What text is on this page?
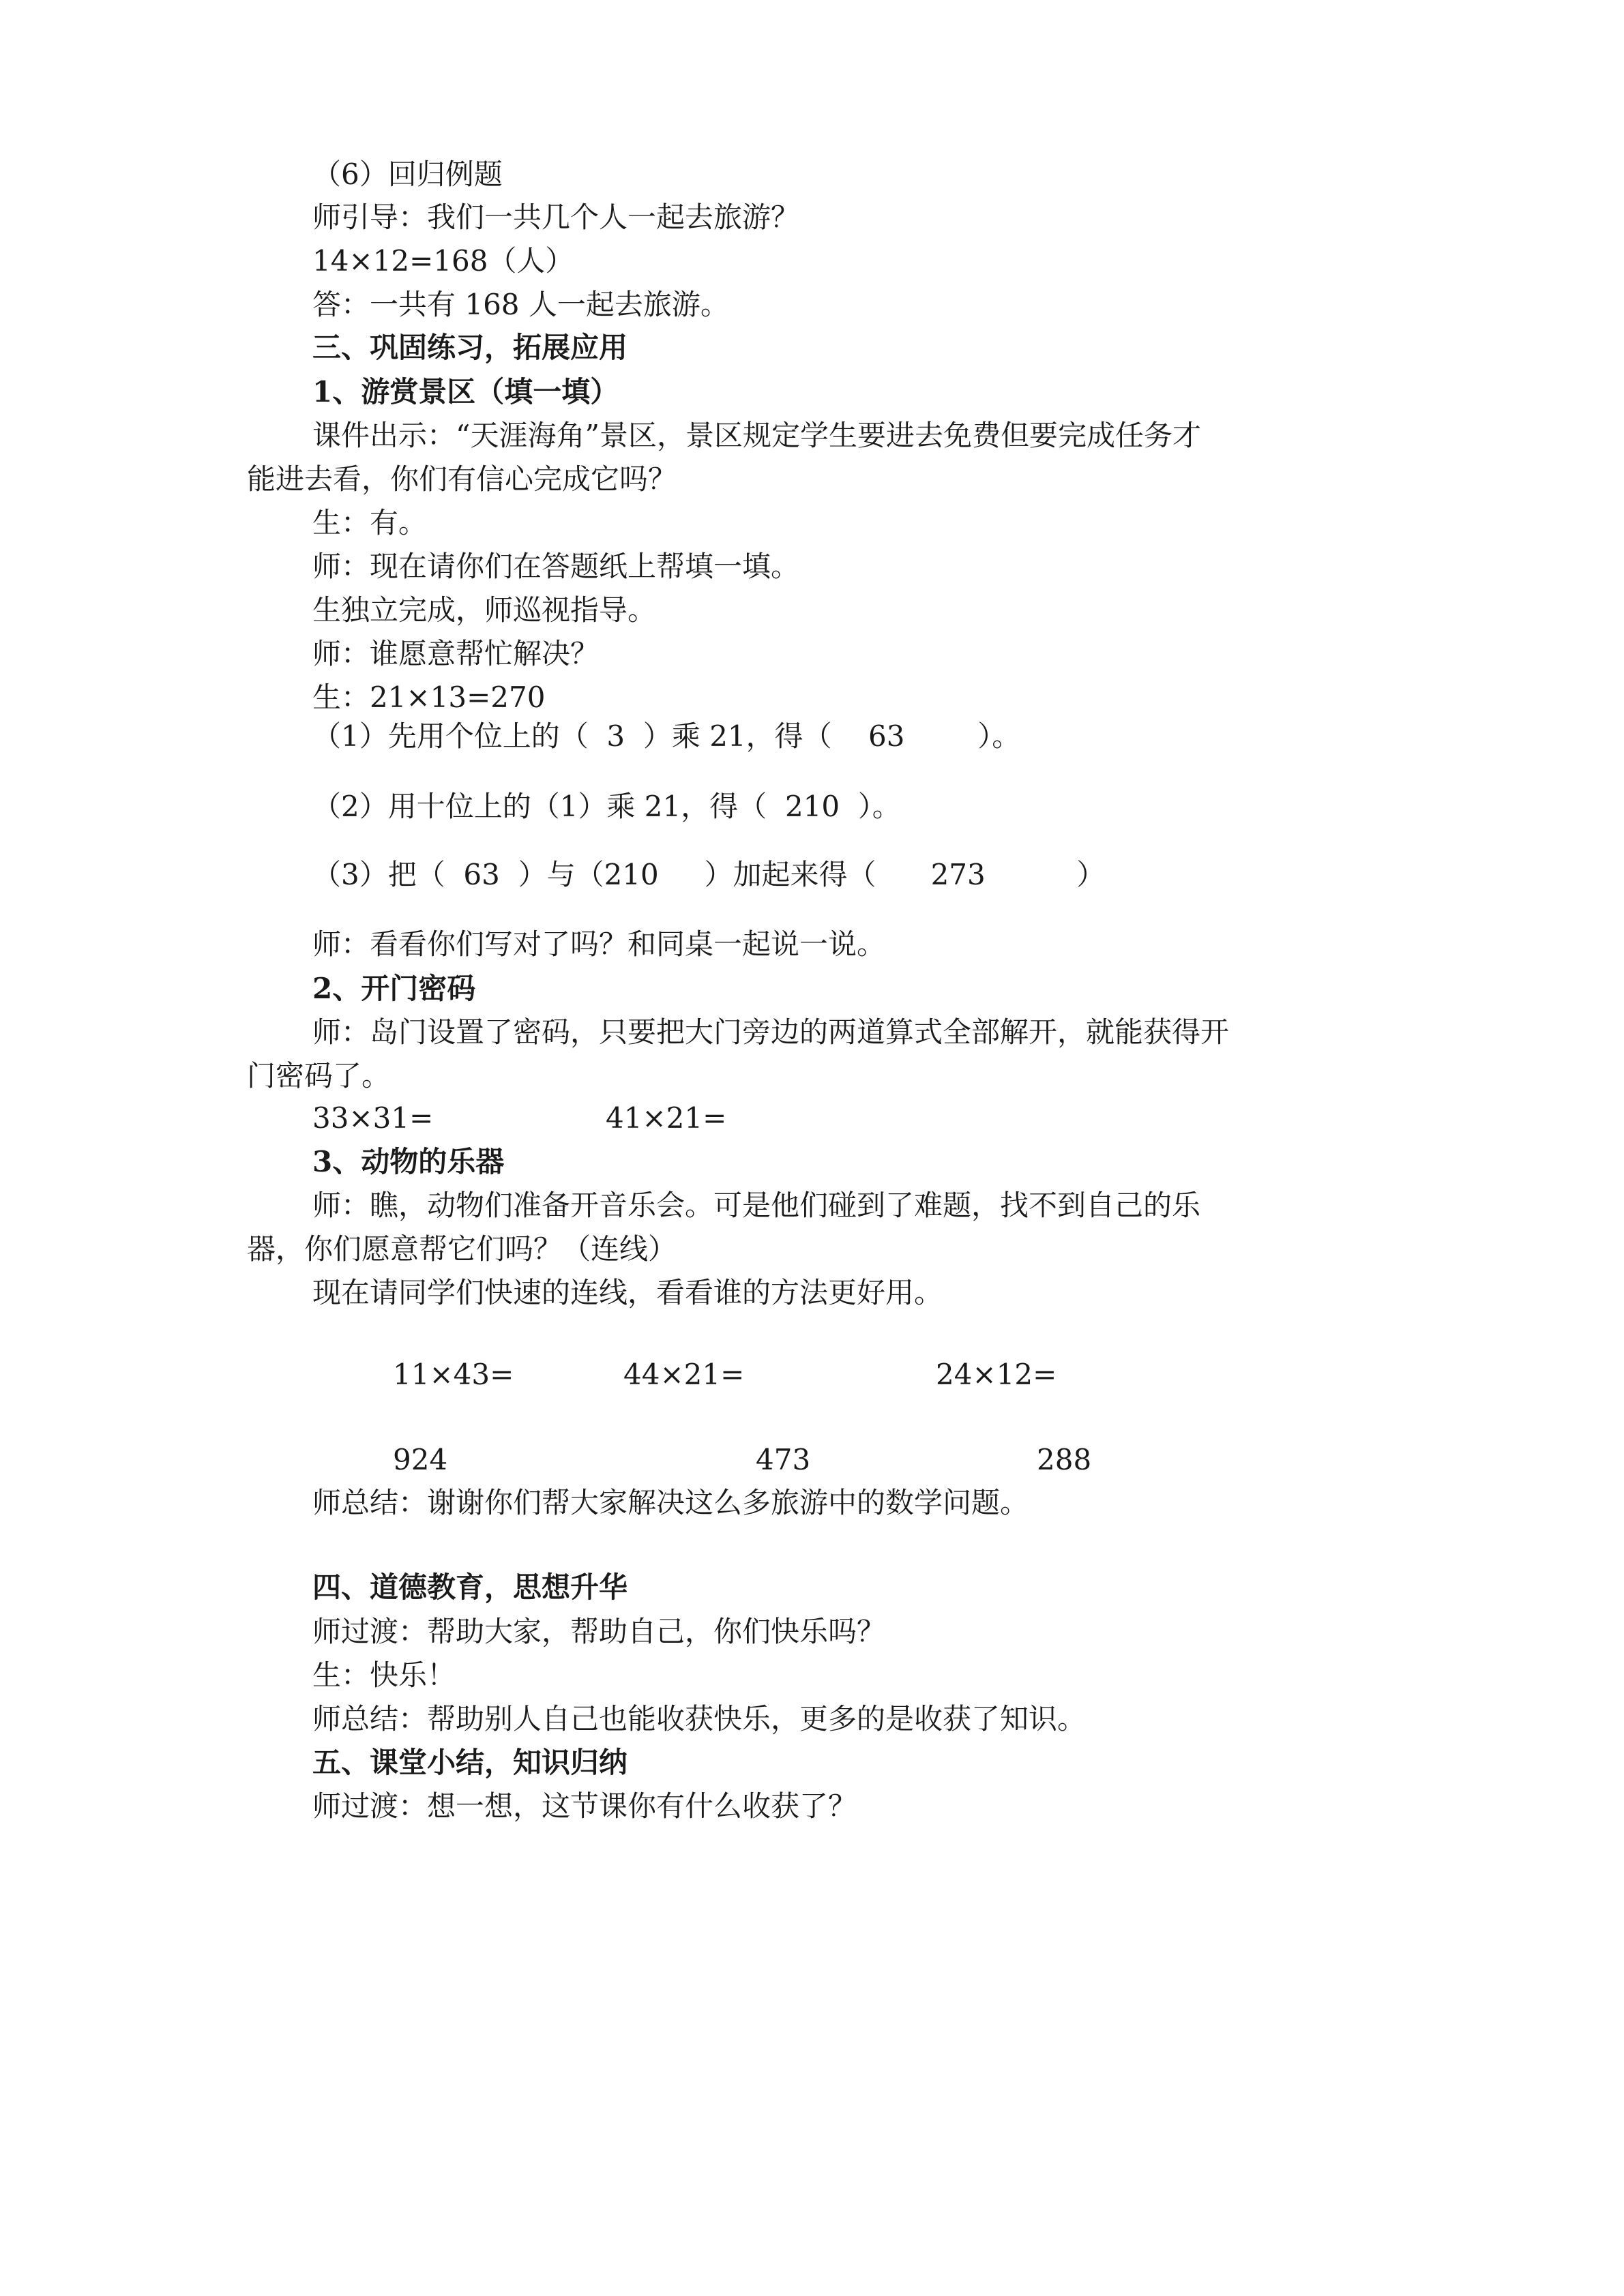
（6）回归例题

师引导：我们一共几个人一起去旅游？

14×12=168（人）

答：一共有 168 人一起去旅游。

三、巩固练习，拓展应用

1、游赏景区（填一填）

课件出示：“天涯海角”景区，景区规定学生要进去免费但要完成任务才

能进去看，你们有信心完成它吗？

生：有。

师：现在请你们在答题纸上帮填一填。

生独立完成，师巡视指导。

师：谁愿意帮忙解决？

生：21×13=270

（1）先用个位上的（  3  ）乘 21，得（    63        ）。

（2）用十位上的（1）乘 21，得（  210  ）。

（3）把（  63  ）与（210     ）加起来得（      273          ）

师：看看你们写对了吗？和同桌一起说一说。

2、开门密码

师：岛门设置了密码，只要把大门旁边的两道算式全部解开，就能获得开

门密码了。

33×31=	41×21=

3、动物的乐器

师：瞧，动物们准备开音乐会。可是他们碰到了难题，找不到自己的乐

器，你们愿意帮它们吗？（连线）

现在请同学们快速的连线，看看谁的方法更好用。

11×43=	44×21=	24×12=
924	473	288

师总结：谢谢你们帮大家解决这么多旅游中的数学问题。

四、道德教育，思想升华

师过渡：帮助大家，帮助自己，你们快乐吗？

生：快乐！

师总结：帮助别人自己也能收获快乐，更多的是收获了知识。

五、课堂小结，知识归纳

师过渡：想一想，这节课你有什么收获了？
